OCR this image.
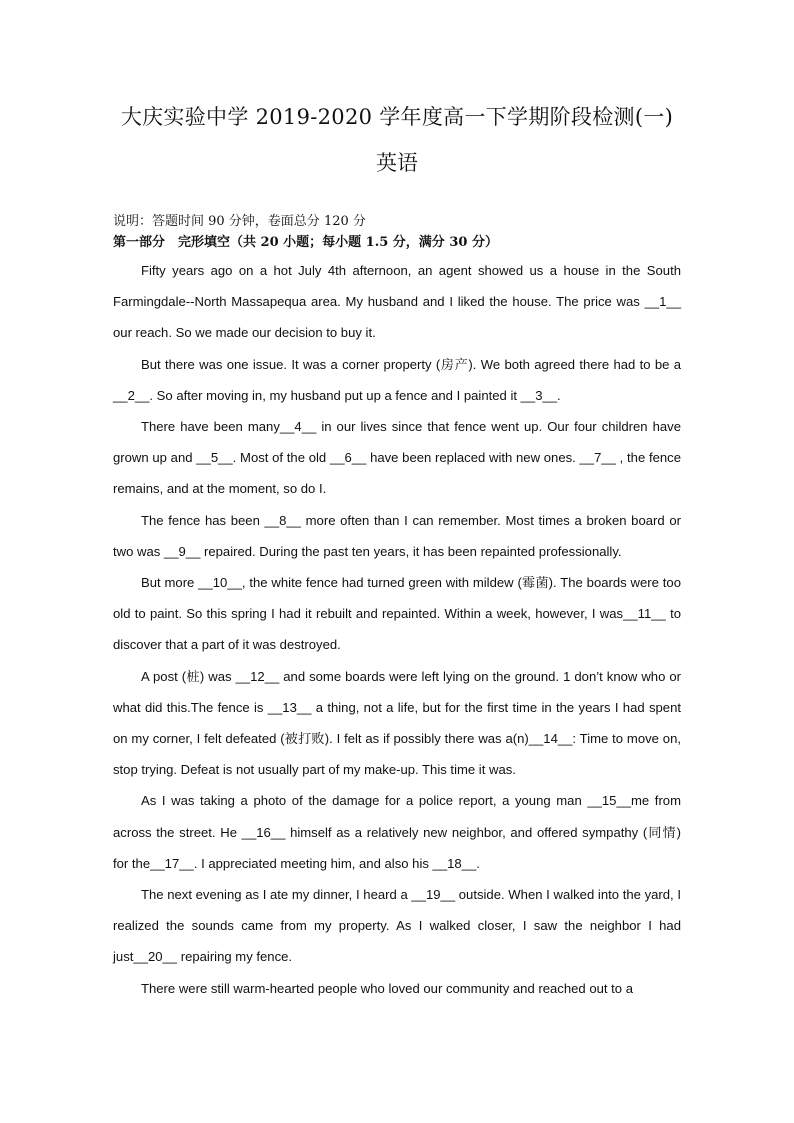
大庆实验中学 2019-2020 学年度高一下学期阶段检测(一)
英语
说明：答题时间 90 分钟，卷面总分 120 分
第一部分　完形填空（共 20 小题；每小题 1.5 分，满分 30 分）

Fifty years ago on a hot July 4th afternoon, an agent showed us a house in the South Farmingdale--North Massapequa area. My husband and I liked the house. The price was __1__ our reach. So we made our decision to buy it.

But there was one issue. It was a corner property (房产). We both agreed there had to be a __2__. So after moving in, my husband put up a fence and I painted it __3__.

There have been many__4__ in our lives since that fence went up. Our four children have grown up and __5__. Most of the old __6__ have been replaced with new ones. __7__ , the fence remains, and at the moment, so do I.

The fence has been __8__ more often than I can remember. Most times a broken board or two was __9__ repaired. During the past ten years, it has been repainted professionally.

But more __10__, the white fence had turned green with mildew (霉菌). The boards were too old to paint. So this spring I had it rebuilt and repainted. Within a week, however, I was__11__ to discover that a part of it was destroyed.

A post (桩) was __12__ and some boards were left lying on the ground. 1 don’t know who or what did this.The fence is __13__ a thing, not a life, but for the first time in the years I had spent on my corner, I felt defeated (被打败). I felt as if possibly there was a(n)__14__: Time to move on, stop trying. Defeat is not usually part of my make-up. This time it was.

As I was taking a photo of the damage for a police report, a young man __15__me from across the street. He __16__ himself as a relatively new neighbor, and offered sympathy (同情) for the__17__. I appreciated meeting him, and also his __18__.

The next evening as I ate my dinner, I heard a __19__ outside. When I walked into the yard, I realized the sounds came from my property. As I walked closer, I saw the neighbor I had just__20__ repairing my fence.

There were still warm-hearted people who loved our community and reached out to a
